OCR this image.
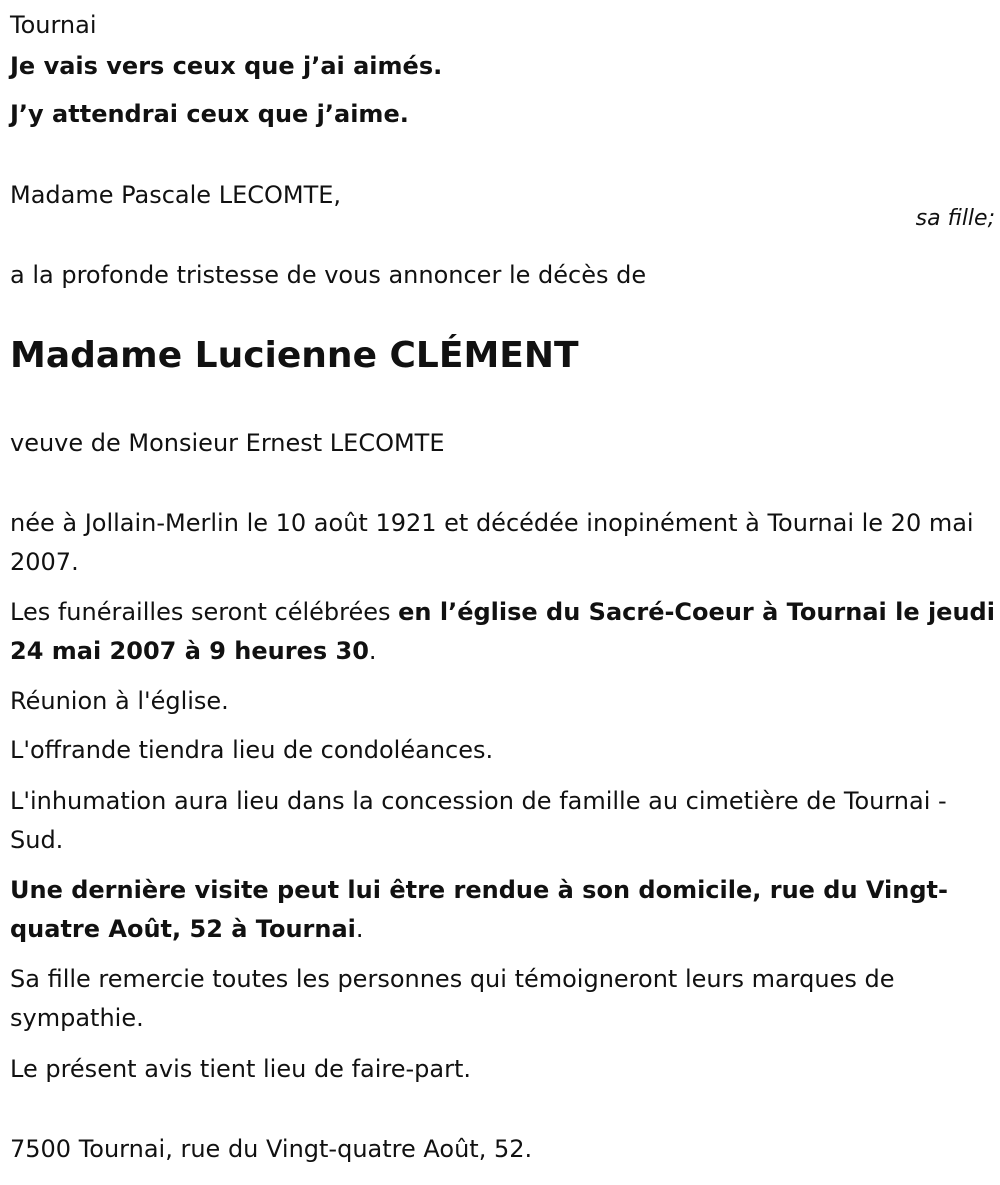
Tournai

Je vais vers ceux que j’ai aimés.

J’y attendrai ceux que j’aime.

Madame Pascale LECOMTE,

sa fille;

a la profonde tristesse de vous annoncer le décès de

Madame Lucienne CLÉMENT

veuve de Monsieur Ernest LECOMTE

née à Jollain-Merlin le 10 août 1921 et décédée inopinément à Tournai le 20 mai 2007.

Les funérailles seront célébrées en l’église du Sacré-Coeur à Tournai le jeudi 24 mai 2007 à 9 heures 30.

Réunion à l'église.

L'offrande tiendra lieu de condoléances.

L'inhumation aura lieu dans la concession de famille au cimetière de Tournai - Sud.

Une dernière visite peut lui être rendue à son domicile, rue du Vingt-quatre Août, 52 à Tournai.

Sa fille remercie toutes les personnes qui témoigneront leurs marques de sympathie.

Le présent avis tient lieu de faire-part.

7500 Tournai, rue du Vingt-quatre Août, 52.
